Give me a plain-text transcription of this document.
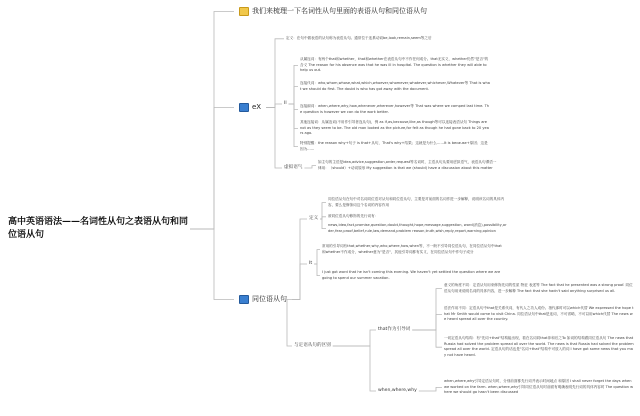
高中英语语法——名词性从句之表语从句和同位语从句
我们来梳理一下名词性从句里面的表语从句和同位语从句
eX
定义：在句中做表语的从句称为表语从句。通常位于连系动词be,look,remain,seem等之后
Il
从属连词：有两个that和whether，that和whether在表语从句中不作任何成分。that无实义，whether仍然"是否"的含义 The reason for his absence was that he was ill in hospital. The question is whether they will able to help us out.
连接代词：who,whom,whose,what,which,whoever,whomever,whatever,whichever,Whatever等 That is what we should do first. The doubt is who has got away with the document.
连接副词：when,where,why,how,whenever,wherever,however等 That was where we camped last time. The question is however we can do the work better.
其他连接词：从属连词(不用作引导者连从句)，例 as if,as,because,like,as though等可以连接表语从句 Things are not as they seem to be. The old man looked as the picture,for felt as though he had gone back to 20 years ago.
特别提醒：the reason why+句子 is that+从句，That's why+结果；这就是为什么……It is because+原因；这是因为……
虚拟语气
如主句的主语是idea,advice,suggestion,order,request等名词时，主语从句从要用虚拟语气，表语从句谓语一律用：（should）+动词原形 My suggestion is that we (should) have a discussion about this matter
同位语从句
定义
同位语从句在句中对名词同位语对从句和同位语从句，主要是对前面的名词作进一步解释，说明该名词的具体内容，要么是修饰词这个名词的内容作用
被同位语从句修饰的先行词有：
news,idea,fact,promise,question,doubt,thought,hope,message,suggestion, word(消息),possibility,order,fear,proof,belief,rule,law,demand,problem reason,truth,wish,reply,report,warning,opinion
It
常用的引导词有that,whether,why,who,where,how,when等，不一般不引导同位语从句，在同位语从句中that和whether不作成分，whether意为"是否"，其他引导词都有实义，在同位语从句中作句子成分
I just got word that he isn't coming this evening. We haven't yet settled the question where we are going to spend our summer vacation.
与定语从句的区别
that作为引导词
意义的角度不同：定语从句用来修饰先词的性质 特征 表述等 The fact that he presented was a strong proof. 同位语从句用来说明名词的具体内容，进一步解释 The fact that she hadn't said anything surprised us all.
语法作用不同：定语从句中that是关系代词，有代人之功人成份。指代那时可以which代替 We expressed the hope that Mr Smith would come to visit China. 同位语从句中that是连词，不可省略，不可以用which代替 The news we heard spread all over the country.
一切定语从句结构：有"先词+that"结构能出现，看在名词同that冲和后之To 如词的结构跟同位语从句 The news that Russia had solved the problem spread all over the world. The news is that Russia had solved the problem spread all over the world. 定语从句的话也是"名词+that"结构中可放入的词 I have got some news that you may not have heard.
when,where,why
when,where,why引导定语从句时，分别前面都先行词并表示时间地点 和原因 I shall never forget the days when we worked on the farm. when,where,why引导同位语从句时前面有明确表明先行词的具体内容时 The question where we should go hasn't been discussed
